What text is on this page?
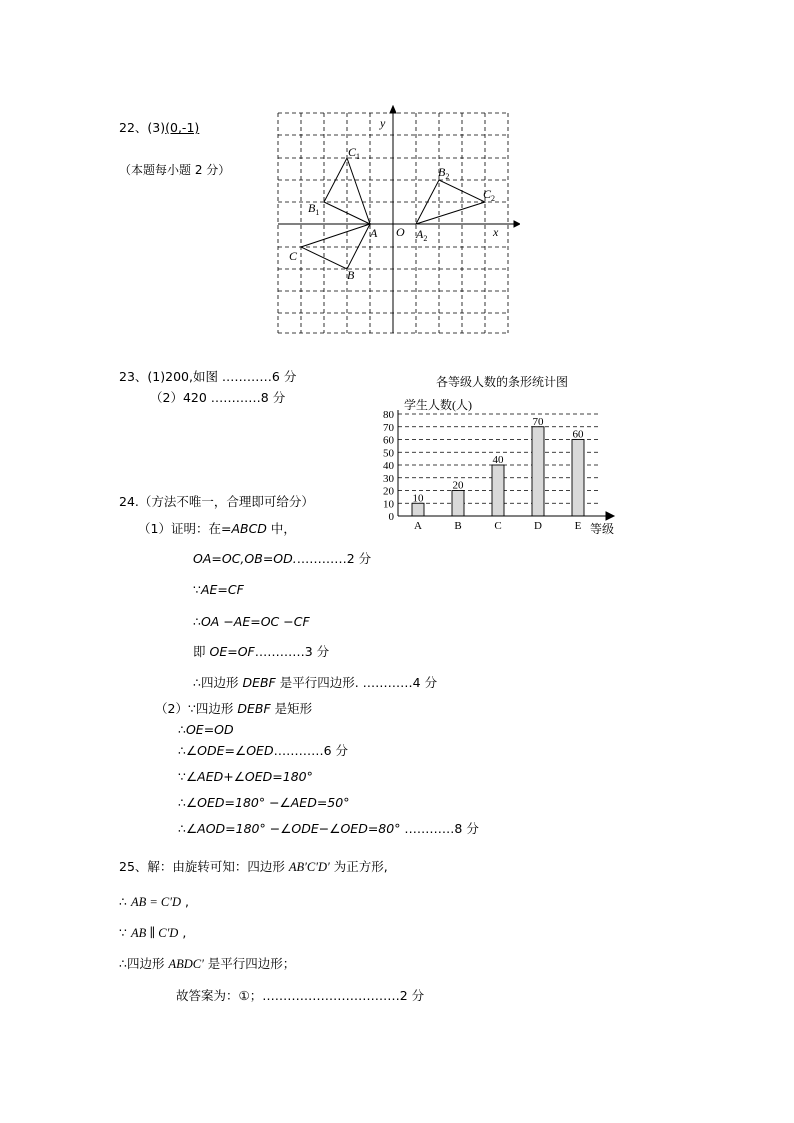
22、(3)(0,-1)
（本题每小题 2 分）
y
x
O
A
B
C
$A_2$
$B_1$
$C_1$
$B_2$
$C_2$
23、(1)200,如图 …………6 分
（2）420 …………8 分
各等级人数的条形统计图
学生人数(人)
等级
0
10
20
30
40
50
60
70
80
10
20
40
70
60
A	B	C	D	E
24.（方法不唯一，合理即可给分）
（1）证明：在=ABCD 中，
OA=OC,OB=OD.…………2 分
∵AE=CF
∴OA −AE=OC −CF
即 OE=OF…………3 分
∴四边形 DEBF 是平行四边形. …………4 分
（2）∵四边形 DEBF 是矩形
∴OE=OD
∴∠ODE=∠OED…………6 分
∵∠AED+∠OED=180°
∴∠OED=180° −∠AED=50°
∴∠AOD=180° −∠ODE−∠OED=80° …………8 分
25、解：由旋转可知：四边形 AB′C′D′ 为正方形,
∴ AB = C′D ,
∵ AB ∥ C′D ,
∴四边形 ABDC′ 是平行四边形；
故答案为：①；……………………………2 分
